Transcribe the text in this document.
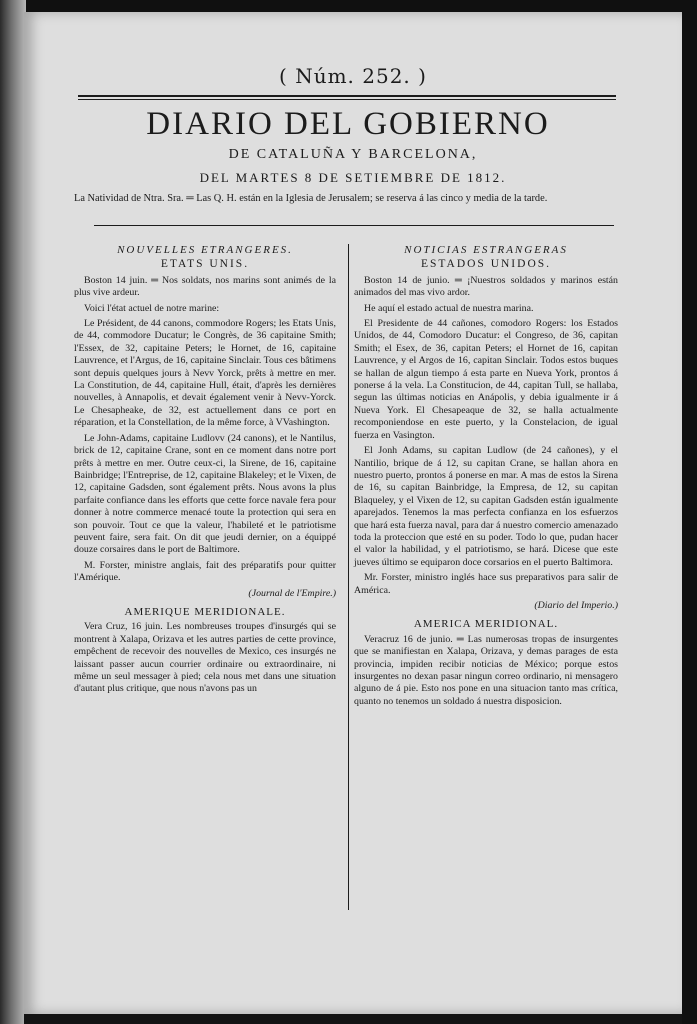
( Núm. 252. )
DIARIO DEL GOBIERNO
DE CATALUÑA Y BARCELONA,
DEL MARTES 8 DE SETIEMBRE DE 1812.
La Natividad de Ntra. Sra. ═ Las Q. H. están en la Iglesia de Jerusalem; se reserva á las cinco y media de la tarde.
NOUVELLES ETRANGERES.
ETATS UNIS.

Boston 14 juin. ═ Nos soldats, nos marins sont animés de la plus vive ardeur.

Voici l'état actuel de notre marine:

Le Président, de 44 canons, commodore Rogers; les Etats Unis, de 44, commodore Ducatur; le Congrès, de 36 capitaine Smith; l'Essex, de 32, capitaine Peters; le Hornet, de 16, capitaine Lauvrence, et l'Argus, de 16, capitaine Sinclair. Tous ces bâtimens sont depuis quelques jours à Nevv Yorck, prêts à mettre en mer. La Constitution, de 44, capitaine Hull, était, d'après les dernières nouvelles, à Annapolis, et devait également venir à Nevv-Yorck. Le Chesapheake, de 32, est actuellement dans ce port en réparation, et la Constellation, de la même force, à VVashington.

Le John-Adams, capitaine Ludlovv (24 canons), et le Nantilus, brick de 12, capitaine Crane, sont en ce moment dans notre port prêts à mettre en mer. Outre ceux-ci, la Sirene, de 16, capitaine Bainbridge; l'Entreprise, de 12, capitaine Blakeley; et le Vixen, de 12, capitaine Gadsden, sont également prêts. Nous avons la plus parfaite confiance dans les efforts que cette force navale fera pour donner à notre commerce menacé toute la protection qui sera en son pouvoir. Tout ce que la valeur, l'habileté et le patriotisme peuvent faire, sera fait. On dit que jeudi dernier, on a équippé douze corsaires dans le port de Baltimore.

M. Forster, ministre anglais, fait des préparatifs pour quitter l'Amérique.

(Journal de l'Empire.)

AMERIQUE MERIDIONALE.

Vera Cruz, 16 juin. Les nombreuses troupes d'insurgés qui se montrent à Xalapa, Orizava et les autres parties de cette province, empêchent de recevoir des nouvelles de Mexico, ces insurgés ne laissant passer aucun courrier ordinaire ou extraordinaire, ni même un seul messager à pied; cela nous met dans une situation d'autant plus critique, que nous n'avons pas un

NOTICIAS ESTRANGERAS
ESTADOS UNIDOS.

Boston 14 de junio. ═ ¡Nuestros soldados y marinos están animados del mas vivo ardor.

He aquí el estado actual de nuestra marina.

El Presidente de 44 cañones, comodoro Rogers: los Estados Unidos, de 44, Comodoro Ducatur: el Congreso, de 36, capitan Smith; el Esex, de 36, capitan Peters; el Hornet de 16, capitan Lauvrence, y el Argos de 16, capitan Sinclair. Todos estos buques se hallan de algun tiempo á esta parte en Nueva York, prontos á ponerse á la vela. La Constitucion, de 44, capitan Tull, se hallaba, segun las últimas noticias en Anápolis, y debia igualmente ir á Nueva York. El Chesapeaque de 32, se halla actualmente recomponiendose en este puerto, y la Constelacion, de igual fuerza en Vasington.

El Jonh Adams, su capitan Ludlow (de 24 cañones), y el Nantilio, brique de á 12, su capitan Crane, se hallan ahora en nuestro puerto, prontos á ponerse en mar. A mas de estos la Sirena de 16, su capitan Bainbridge, la Empresa, de 12, su capitan Blaqueley, y el Vixen de 12, su capitan Gadsden están igualmente aparejados. Tenemos la mas perfecta confianza en los esfuerzos que hará esta fuerza naval, para dar á nuestro comercio amenazado toda la proteccion que esté en su poder. Todo lo que, pudan hacer el valor la habilidad, y el patriotismo, se hará. Dicese que este jueves último se equiparon doce corsarios en el puerto Baltimora.

Mr. Forster, ministro inglés hace sus preparativos para salir de América.

(Diario del Imperio.)

AMERICA MERIDIONAL.

Veracruz 16 de junio. ═ Las numerosas tropas de insurgentes que se manifiestan en Xalapa, Orizava, y demas parages de esta provincia, impiden recibir noticias de México; porque estos insurgentes no dexan pasar ningun correo ordinario, ni mensagero alguno de á pie. Esto nos pone en una situacion tanto mas crítica, quanto no tenemos un soldado á nuestra disposicion.
